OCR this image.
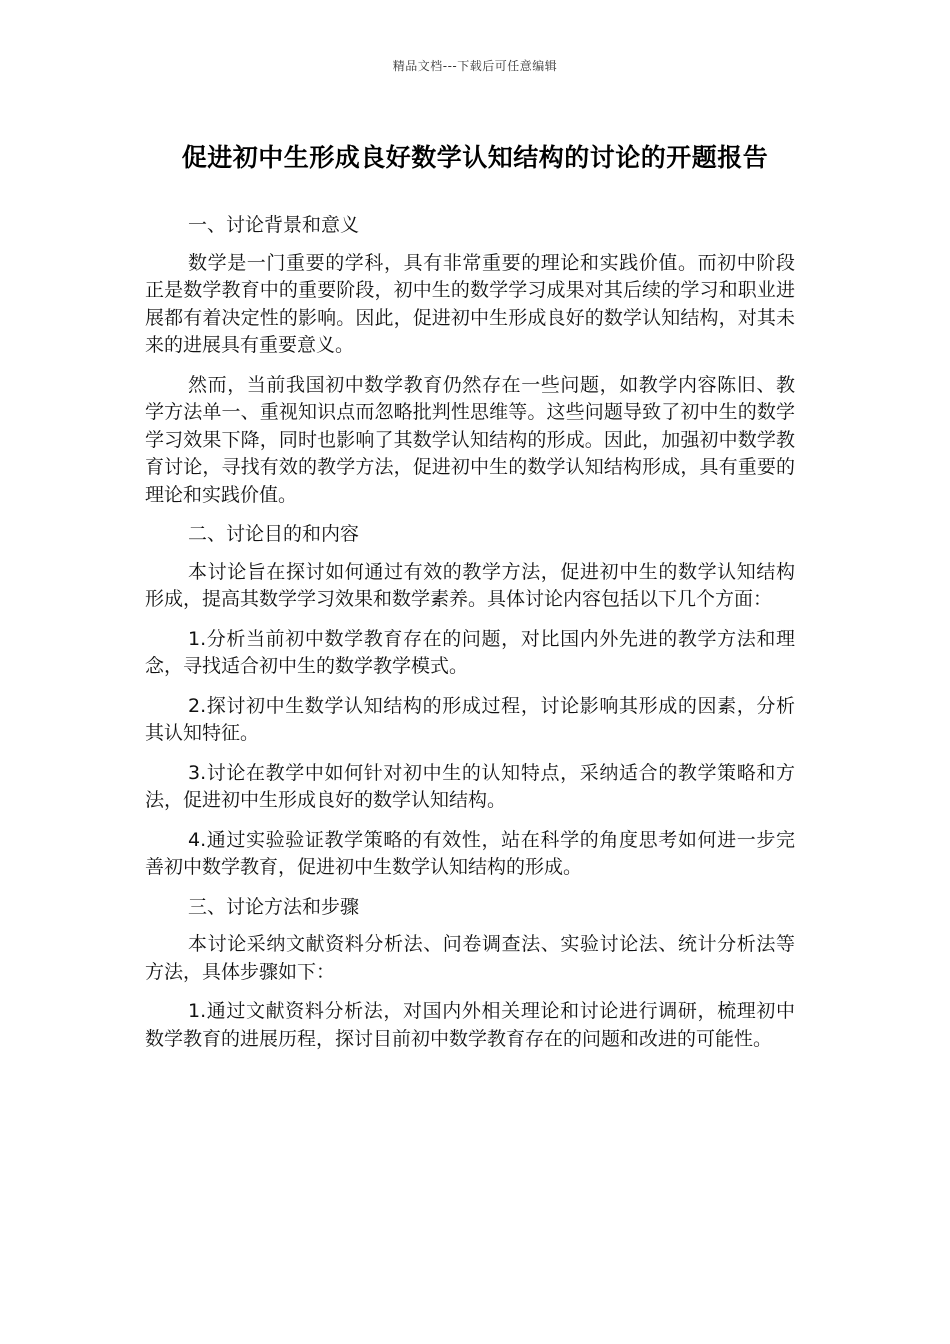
精品文档---下载后可任意编辑
促进初中生形成良好数学认知结构的讨论的开题报告

一、讨论背景和意义

数学是一门重要的学科，具有非常重要的理论和实践价值。而初中阶段正是数学教育中的重要阶段，初中生的数学学习成果对其后续的学习和职业进展都有着决定性的影响。因此，促进初中生形成良好的数学认知结构，对其未来的进展具有重要意义。

然而，当前我国初中数学教育仍然存在一些问题，如教学内容陈旧、教学方法单一、重视知识点而忽略批判性思维等。这些问题导致了初中生的数学学习效果下降，同时也影响了其数学认知结构的形成。因此，加强初中数学教育讨论，寻找有效的教学方法，促进初中生的数学认知结构形成，具有重要的理论和实践价值。

二、讨论目的和内容

本讨论旨在探讨如何通过有效的教学方法，促进初中生的数学认知结构形成，提高其数学学习效果和数学素养。具体讨论内容包括以下几个方面：

1.分析当前初中数学教育存在的问题，对比国内外先进的教学方法和理念，寻找适合初中生的数学教学模式。

2.探讨初中生数学认知结构的形成过程，讨论影响其形成的因素，分析其认知特征。

3.讨论在教学中如何针对初中生的认知特点，采纳适合的教学策略和方法，促进初中生形成良好的数学认知结构。

4.通过实验验证教学策略的有效性，站在科学的角度思考如何进一步完善初中数学教育，促进初中生数学认知结构的形成。

三、讨论方法和步骤

本讨论采纳文献资料分析法、问卷调查法、实验讨论法、统计分析法等方法，具体步骤如下：

1.通过文献资料分析法，对国内外相关理论和讨论进行调研，梳理初中数学教育的进展历程，探讨目前初中数学教育存在的问题和改进的可能性。
